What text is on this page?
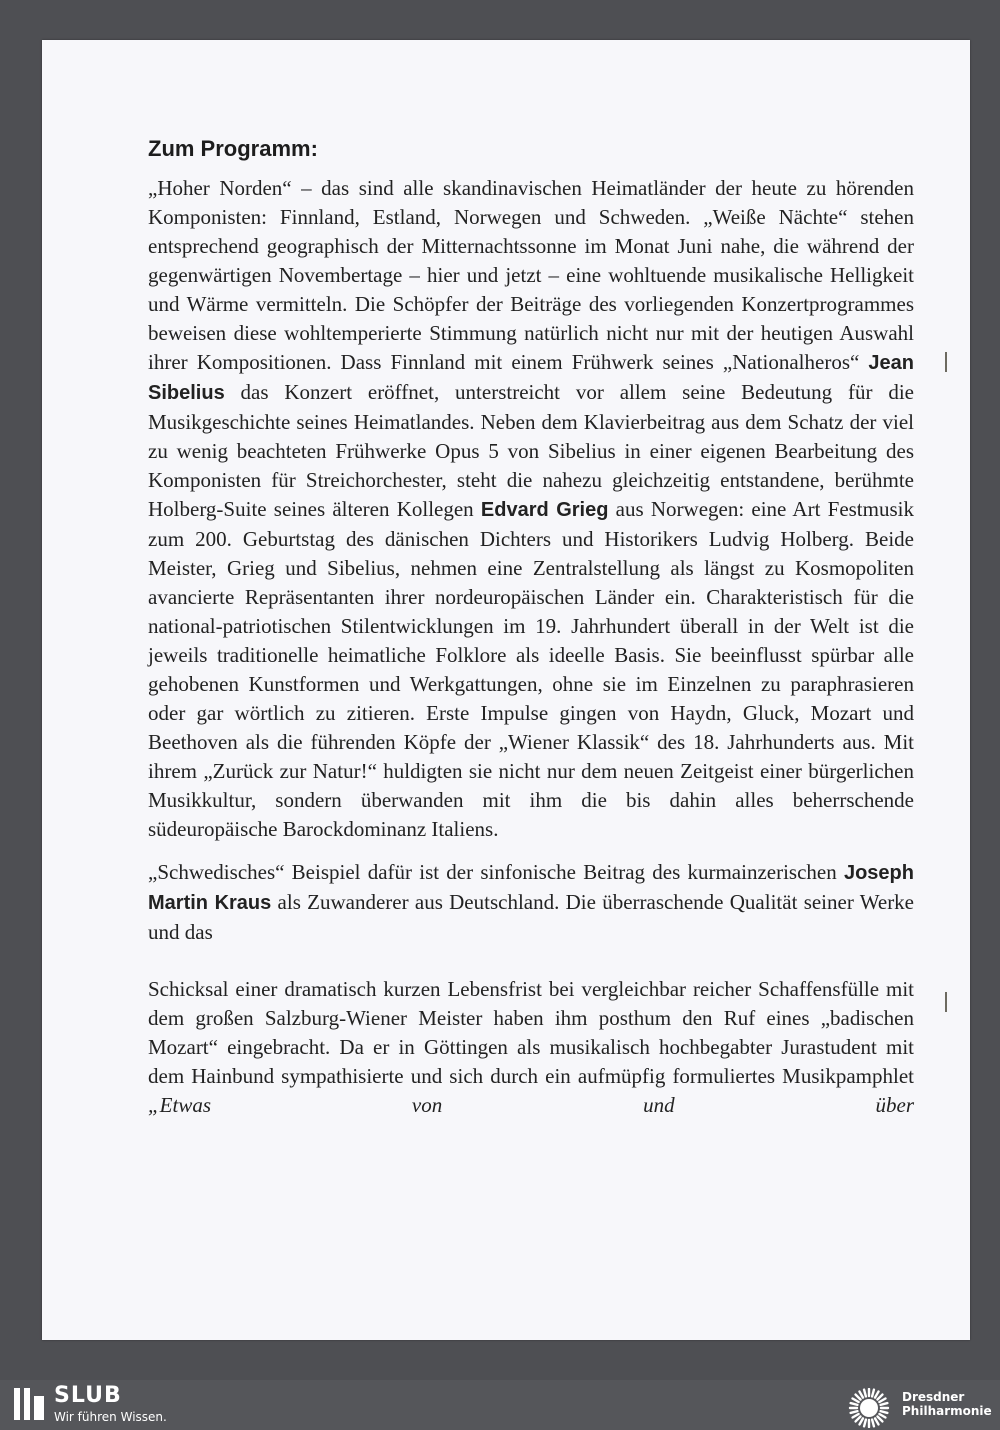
Zum Programm:

„Hoher Norden“ – das sind alle skandinavischen Heimatländer der heute zu hörenden Komponisten: Finnland, Estland, Norwegen und Schweden. „Weiße Nächte“ stehen entsprechend geographisch der Mitternachtssonne im Monat Juni nahe, die während der gegenwärtigen Novembertage – hier und jetzt – eine wohltuende musikalische Helligkeit und Wärme vermitteln. Die Schöpfer der Beiträge des vorliegenden Konzertprogrammes beweisen diese wohltemperierte Stimmung natürlich nicht nur mit der heutigen Auswahl ihrer Kompositionen. Dass Finnland mit einem Frühwerk seines „Nationalheros“ Jean Sibelius das Konzert eröffnet, unterstreicht vor allem seine Bedeutung für die Musikgeschichte seines Heimatlandes. Neben dem Klavierbeitrag aus dem Schatz der viel zu wenig beachteten Frühwerke Opus 5 von Sibelius in einer eigenen Bearbeitung des Komponisten für Streichorchester, steht die nahezu gleichzeitig entstandene, berühmte Holberg-Suite seines älteren Kollegen Edvard Grieg aus Norwegen: eine Art Festmusik zum 200. Geburtstag des dänischen Dichters und Historikers Ludvig Holberg. Beide Meister, Grieg und Sibelius, nehmen eine Zentralstellung als längst zu Kosmopoliten avancierte Repräsentanten ihrer nordeuropäischen Länder ein. Charakteristisch für die national-patriotischen Stilentwicklungen im 19. Jahrhundert überall in der Welt ist die jeweils traditionelle heimatliche Folklore als ideelle Basis. Sie beeinflusst spürbar alle gehobenen Kunstformen und Werkgattungen, ohne sie im Einzelnen zu paraphrasieren oder gar wörtlich zu zitieren. Erste Impulse gingen von Haydn, Gluck, Mozart und Beethoven als die führenden Köpfe der „Wiener Klassik“ des 18. Jahrhunderts aus. Mit ihrem „Zurück zur Natur!“ huldigten sie nicht nur dem neuen Zeitgeist einer bürgerlichen Musikkultur, sondern überwanden mit ihm die bis dahin alles beherrschende südeuropäische Barockdominanz Italiens.

„Schwedisches“ Beispiel dafür ist der sinfonische Beitrag des kurmainzerischen Joseph Martin Kraus als Zuwanderer aus Deutschland. Die überraschende Qualität seiner Werke und das

Schicksal einer dramatisch kurzen Lebensfrist bei vergleichbar reicher Schaffensfülle mit dem großen Salzburg-Wiener Meister haben ihm posthum den Ruf eines „badischen Mozart“ eingebracht. Da er in Göttingen als musikalisch hochbegabter Jurastudent mit dem Hainbund sympathisierte und sich durch ein aufmüpfig formuliertes Musikpamphlet „Etwas von und über

SLUB
Wir führen Wissen.
Dresdner
Philharmonie
